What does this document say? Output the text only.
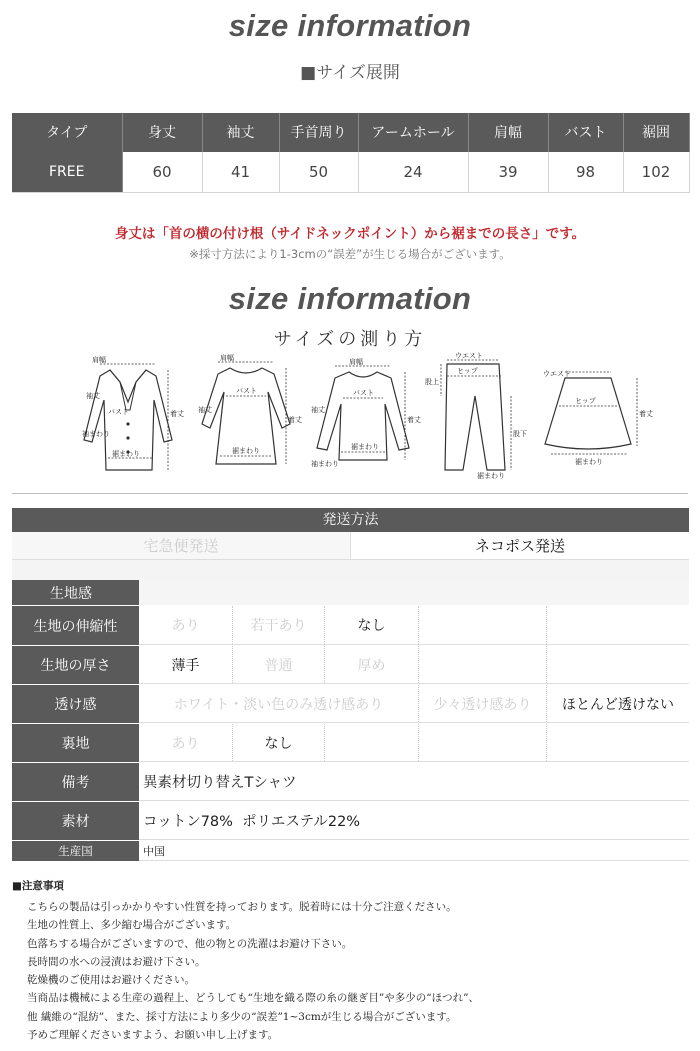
size information
■サイズ展開
タイプ	身丈	袖丈	手首周り	アームホール	肩幅	バスト	裾囲
FREE	60	41	50	24	39	98	102
身丈は「首の横の付け根（サイドネックポイント）から裾までの長さ」です。
※採寸方法により1-3cmの“誤差”が生じる場合がございます。
size information
サイズの測り方
肩幅
袖丈
バスト
袖まわり
裾まわり
着丈
肩幅
バスト
袖丈
裾まわり
着丈
肩幅
バスト
袖丈
袖まわり
裾まわり
着丈
ウエスト
ヒップ
股上
股下
裾まわり
ウエスト
ヒップ
着丈
裾まわり
発送方法
宅急便発送	ネコポス発送
生地感
生地の伸縮性	あり	若干あり	なし
生地の厚さ	薄手	普通	厚め
透け感	ホワイト・淡い色のみ透け感あり	少々透け感あり	ほとんど透けない
裏地	あり	なし
備考	異素材切り替えTシャツ
素材	コットン78%  ポリエステル22%
生産国	中国
■注意事項
こちらの製品は引っかかりやすい性質を持っております。脱着時には十分ご注意ください。
生地の性質上、多少縮む場合がございます。
色落ちする場合がございますので、他の物との洗濯はお避け下さい。
長時間の水への浸漬はお避け下さい。
乾燥機のご使用はお避けください。
当商品は機械による生産の過程上、どうしても“生地を織る際の糸の継ぎ目”や多少の“ほつれ”、
他 繊維の“混紡”、また、採寸方法により多少の“誤差”1~3cmが生じる場合がございます。
予めご理解くださいますよう、お願い申し上げます。
